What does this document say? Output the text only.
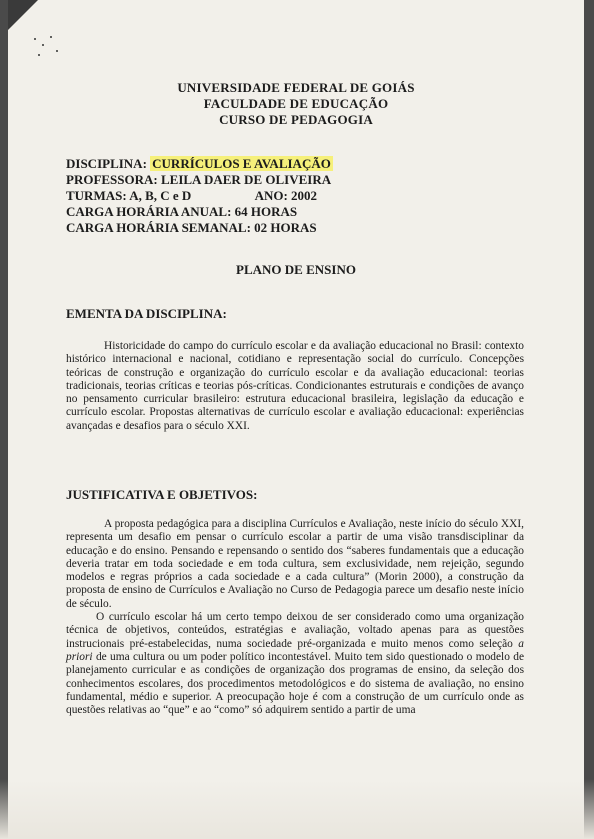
UNIVERSIDADE FEDERAL DE GOIÁS
FACULDADE DE EDUCAÇÃO
CURSO DE PEDAGOGIA
DISCIPLINA: CURRÍCULOS E AVALIAÇÃO
PROFESSORA: LEILA DAER DE OLIVEIRA
TURMAS: A, B, C e D	ANO: 2002
CARGA HORÁRIA ANUAL: 64 HORAS
CARGA HORÁRIA SEMANAL: 02 HORAS
PLANO DE ENSINO
EMENTA DA DISCIPLINA:

Historicidade do campo do currículo escolar e da avaliação educacional no Brasil: contexto histórico internacional e nacional, cotidiano e representação social do currículo. Concepções teóricas de construção e organização do currículo escolar e da avaliação educacional: teorias tradicionais, teorias críticas e teorias pós-críticas. Condicionantes estruturais e condições de avanço no pensamento curricular brasileiro: estrutura educacional brasileira, legislação da educação e currículo escolar. Propostas alternativas de currículo escolar e avaliação educacional: experiências avançadas e desafios para o século XXI.

JUSTIFICATIVA E OBJETIVOS:

A proposta pedagógica para a disciplina Currículos e Avaliação, neste início do século XXI, representa um desafio em pensar o currículo escolar a partir de uma visão transdisciplinar da educação e do ensino. Pensando e repensando o sentido dos “saberes fundamentais que a educação deveria tratar em toda sociedade e em toda cultura, sem exclusividade, nem rejeição, segundo modelos e regras próprios a cada sociedade e a cada cultura” (Morin 2000), a construção da proposta de ensino de Currículos e Avaliação no Curso de Pedagogia parece um desafio neste início de século.

O currículo escolar há um certo tempo deixou de ser considerado como uma organização técnica de objetivos, conteúdos, estratégias e avaliação, voltado apenas para as questões instrucionais pré-estabelecidas, numa sociedade pré-organizada e muito menos como seleção a priori de uma cultura ou um poder político incontestável. Muito tem sido questionado o modelo de planejamento curricular e as condições de organização dos programas de ensino, da seleção dos conhecimentos escolares, dos procedimentos metodológicos e do sistema de avaliação, no ensino fundamental, médio e superior. A preocupação hoje é com a construção de um currículo onde as questões relativas ao “que” e ao “como” só adquirem sentido a partir de uma
